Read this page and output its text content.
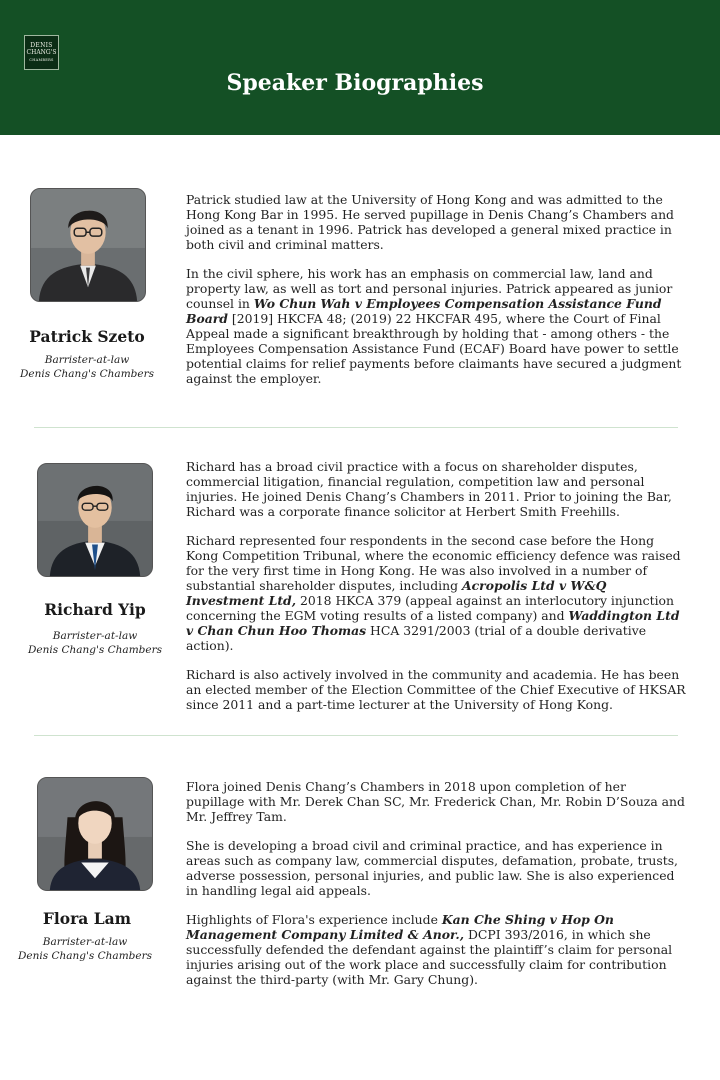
DENIS
CHANG'S
CHAMBERS
Speaker Biographies
Patrick Szeto
Barrister-at-law
Denis Chang's Chambers

Patrick studied law at the University of Hong Kong and was admitted to the Hong Kong Bar in 1995. He served pupillage in Denis Chang’s Chambers and joined as a tenant in 1996. Patrick has developed a general mixed practice in both civil and criminal matters.

In the civil sphere, his work has an emphasis on commercial law, land and property law, as well as tort and personal injuries. Patrick appeared as junior counsel in Wo Chun Wah v Employees Compensation Assistance Fund Board [2019] HKCFA 48; (2019) 22 HKCFAR 495, where the Court of Final Appeal made a significant breakthrough by holding that - among others - the Employees Compensation Assistance Fund (ECAF) Board have power to settle potential claims for relief payments before claimants have secured a judgment against the employer.

Richard Yip
Barrister-at-law
Denis Chang's Chambers

Richard has a broad civil practice with a focus on shareholder disputes, commercial litigation, financial regulation, competition law and personal injuries. He joined Denis Chang’s Chambers in 2011. Prior to joining the Bar, Richard was a corporate finance solicitor at Herbert Smith Freehills.

Richard represented four respondents in the second case before the Hong Kong Competition Tribunal, where the economic efficiency defence was raised for the very first time in Hong Kong. He was also involved in a number of substantial shareholder disputes, including Acropolis Ltd v W&Q Investment Ltd, 2018 HKCA 379 (appeal against an interlocutory injunction concerning the EGM voting results of a listed company) and Waddington Ltd v Chan Chun Hoo Thomas HCA 3291/2003 (trial of a double derivative action).

Richard is also actively involved in the community and academia. He has been an elected member of the Election Committee of the Chief Executive of HKSAR since 2011 and a part-time lecturer at the University of Hong Kong.

Flora Lam
Barrister-at-law
Denis Chang's Chambers

Flora joined Denis Chang’s Chambers in 2018 upon completion of her pupillage with Mr. Derek Chan SC, Mr. Frederick Chan, Mr. Robin D’Souza and Mr. Jeffrey Tam.

She is developing a broad civil and criminal practice, and has experience in areas such as company law, commercial disputes, defamation, probate, trusts, adverse possession, personal injuries, and public law. She is also experienced in handling legal aid appeals.

Highlights of Flora's experience include Kan Che Shing v Hop On Management Company Limited & Anor., DCPI 393/2016, in which she successfully defended the defendant against the plaintiff’s claim for personal injuries arising out of the work place and successfully claim for contribution against the third-party (with Mr. Gary Chung).
